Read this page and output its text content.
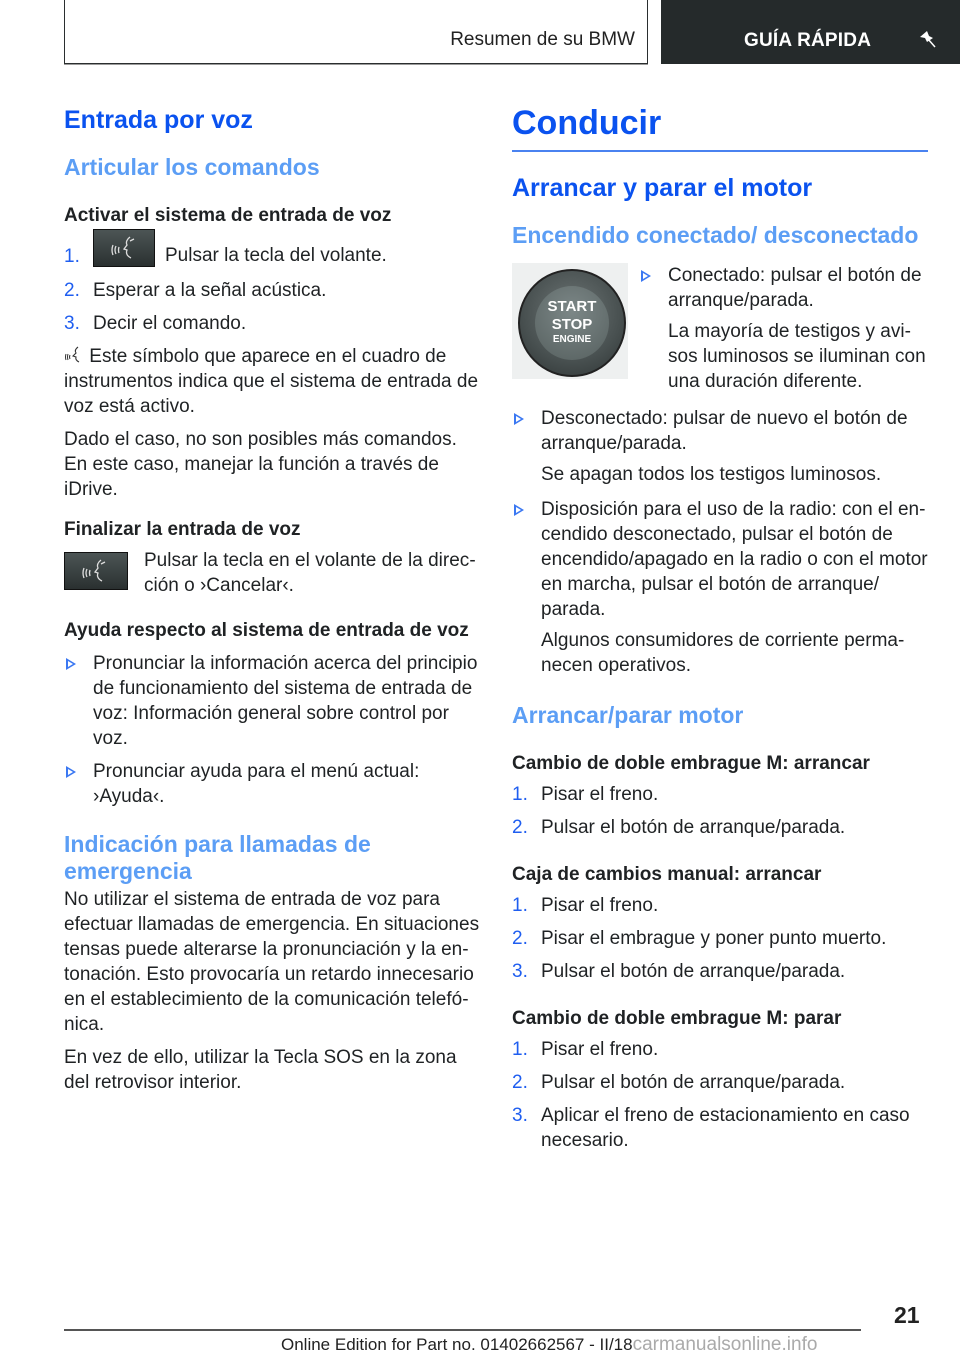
Resumen de su BMW	GUÍA RÁPIDA
Entrada por voz
Articular los comandos
Activar el sistema de entrada de voz
1.	Pulsar la tecla del volante.
2. Esperar a la señal acústica.
3. Decir el comando.

Este símbolo que aparece en el cuadro de instrumentos indica que el sistema de entrada de voz está activo.

Dado el caso, no son posibles más comandos. En este caso, manejar la función a través de iDrive.

Finalizar la entrada de voz

Pulsar la tecla en el volante de la dirección o ›Cancelar‹.

Ayuda respecto al sistema de entrada de voz
Pronunciar la información acerca del principio de funcionamiento del sistema de entrada de voz: Información general sobre control por voz.
Pronunciar ayuda para el menú actual: ›Ayuda‹.
Indicación para llamadas de emergencia

No utilizar el sistema de entrada de voz para efectuar llamadas de emergencia. En situaciones tensas puede alterarse la pronunciación y la entonación. Esto provocaría un retardo innecesario en el establecimiento de la comunicación telefónica.

En vez de ello, utilizar la Tecla SOS en la zona del retrovisor interior.

Conducir
Arrancar y parar el motor
Encendido conectado/ desconectado
START
STOP
ENGINE
Conectado: pulsar el botón de arranque/parada.

La mayoría de testigos y avisos luminosos se iluminan con una duración diferente.

Desconectado: pulsar de nuevo el botón de arranque/parada.

Se apagan todos los testigos luminosos.

Disposición para el uso de la radio: con el encendido desconectado, pulsar el botón de encendido/apagado en la radio o con el motor en marcha, pulsar el botón de arranque/ parada.

Algunos consumidores de corriente permanecen operativos.

Arrancar/parar motor
Cambio de doble embrague M: arrancar
1. Pisar el freno.
2. Pulsar el botón de arranque/parada.
Caja de cambios manual: arrancar
1. Pisar el freno.
2. Pisar el embrague y poner punto muerto.
3. Pulsar el botón de arranque/parada.
Cambio de doble embrague M: parar
1. Pisar el freno.
2. Pulsar el botón de arranque/parada.
3. Aplicar el freno de estacionamiento en caso necesario.
21
Online Edition for Part no. 01402662567 - II/18carmanualsonline.info
